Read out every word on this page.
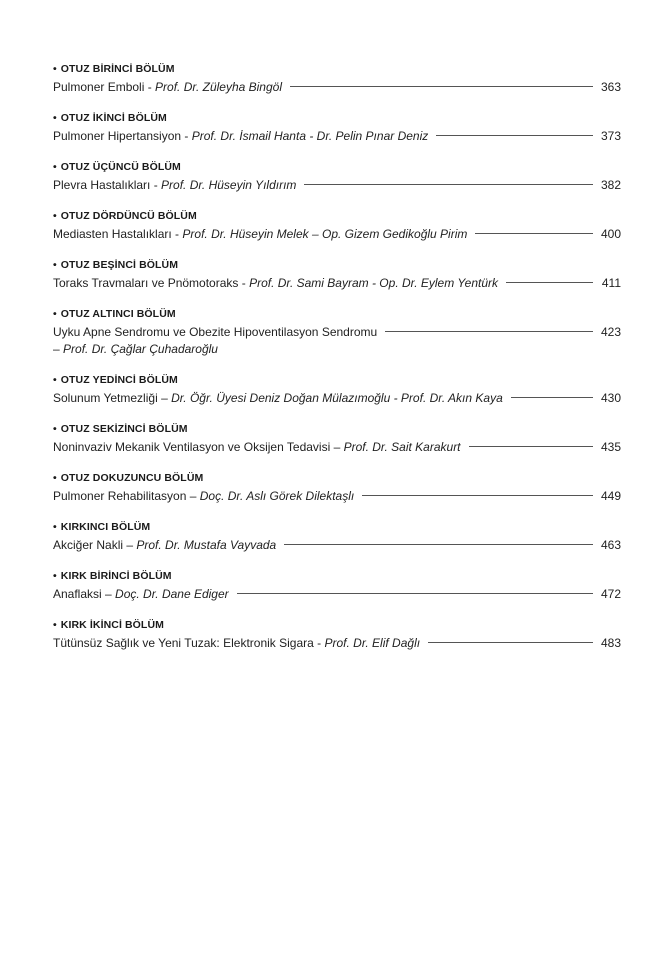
• OTUZ BİRİNCİ BÖLÜM
Pulmoner Emboli - Prof. Dr. Züleyha Bingöl	363
• OTUZ İKİNCİ BÖLÜM
Pulmoner Hipertansiyon - Prof. Dr. İsmail Hanta - Dr. Pelin Pınar Deniz	373
• OTUZ ÜÇÜNCÜ BÖLÜM
Plevra Hastalıkları - Prof. Dr. Hüseyin Yıldırım	382
• OTUZ DÖRDÜNCÜ BÖLÜM
Mediasten Hastalıkları - Prof. Dr. Hüseyin Melek – Op. Gizem Gedikoğlu Pirim	400
• OTUZ BEŞİNCİ BÖLÜM
Toraks Travmaları ve Pnömotoraks - Prof. Dr. Sami Bayram - Op. Dr. Eylem Yentürk	411
• OTUZ ALTINCI BÖLÜM
Uyku Apne Sendromu ve Obezite Hipoventilasyon Sendromu	423
– Prof. Dr. Çağlar Çuhadaroğlu
• OTUZ YEDİNCİ BÖLÜM
Solunum Yetmezliği – Dr. Öğr. Üyesi Deniz Doğan Mülazımoğlu - Prof. Dr. Akın Kaya	430
• OTUZ SEKİZİNCİ BÖLÜM
Noninvaziv Mekanik Ventilasyon ve Oksijen Tedavisi – Prof. Dr. Sait Karakurt	435
• OTUZ DOKUZUNCU BÖLÜM
Pulmoner Rehabilitasyon – Doç. Dr. Aslı Görek Dilektaşlı	449
• KIRKINCI BÖLÜM
Akciğer Nakli – Prof. Dr. Mustafa Vayvada	463
• KIRK BİRİNCİ BÖLÜM
Anaflaksi – Doç. Dr. Dane Ediger	472
• KIRK İKİNCİ BÖLÜM
Tütünsüz Sağlık ve Yeni Tuzak: Elektronik Sigara - Prof. Dr. Elif Dağlı	483
